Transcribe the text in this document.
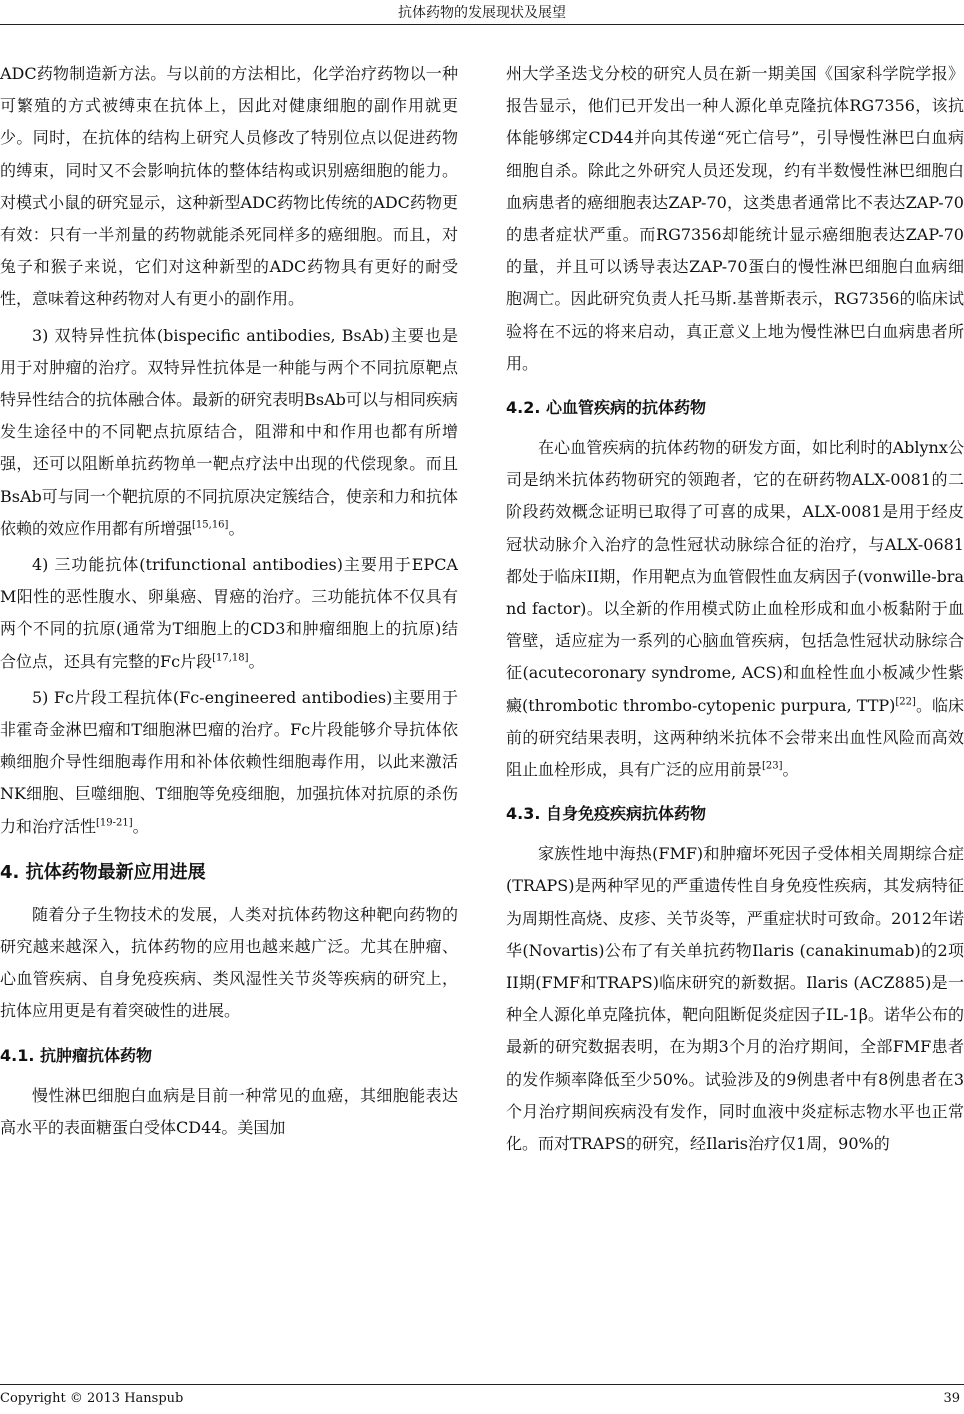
抗体药物的发展现状及展望

ADC药物制造新方法。与以前的方法相比，化学治疗药物以一种可繁殖的方式被缚束在抗体上，因此对健康细胞的副作用就更少。同时，在抗体的结构上研究人员修改了特别位点以促进药物的缚束，同时又不会影响抗体的整体结构或识别癌细胞的能力。对模式小鼠的研究显示，这种新型ADC药物比传统的ADC药物更有效：只有一半剂量的药物就能杀死同样多的癌细胞。而且，对兔子和猴子来说，它们对这种新型的ADC药物具有更好的耐受性，意味着这种药物对人有更小的副作用。

3) 双特异性抗体(bispecific antibodies, BsAb)主要也是用于对肿瘤的治疗。双特异性抗体是一种能与两个不同抗原靶点特异性结合的抗体融合体。最新的研究表明BsAb可以与相同疾病发生途径中的不同靶点抗原结合，阻滞和中和作用也都有所增强，还可以阻断单抗药物单一靶点疗法中出现的代偿现象。而且BsAb可与同一个靶抗原的不同抗原决定簇结合，使亲和力和抗体依赖的效应作用都有所增强[15,16]。

4) 三功能抗体(trifunctional antibodies)主要用于EPCAM阳性的恶性腹水、卵巢癌、胃癌的治疗。三功能抗体不仅具有两个不同的抗原(通常为T细胞上的CD3和肿瘤细胞上的抗原)结合位点，还具有完整的Fc片段[17,18]。

5) Fc片段工程抗体(Fc-engineered antibodies)主要用于非霍奇金淋巴瘤和T细胞淋巴瘤的治疗。Fc片段能够介导抗体依赖细胞介导性细胞毒作用和补体依赖性细胞毒作用，以此来激活NK细胞、巨噬细胞、T细胞等免疫细胞，加强抗体对抗原的杀伤力和治疗活性[19-21]。

4. 抗体药物最新应用进展

随着分子生物技术的发展，人类对抗体药物这种靶向药物的研究越来越深入，抗体药物的应用也越来越广泛。尤其在肿瘤、心血管疾病、自身免疫疾病、类风湿性关节炎等疾病的研究上，抗体应用更是有着突破性的进展。

4.1. 抗肿瘤抗体药物

慢性淋巴细胞白血病是目前一种常见的血癌，其细胞能表达高水平的表面糖蛋白受体CD44。美国加

州大学圣迭戈分校的研究人员在新一期美国《国家科学院学报》报告显示，他们已开发出一种人源化单克隆抗体RG7356，该抗体能够绑定CD44并向其传递“死亡信号”，引导慢性淋巴白血病细胞自杀。除此之外研究人员还发现，约有半数慢性淋巴细胞白血病患者的癌细胞表达ZAP-70，这类患者通常比不表达ZAP-70的患者症状严重。而RG7356却能统计显示癌细胞表达ZAP-70的量，并且可以诱导表达ZAP-70蛋白的慢性淋巴细胞白血病细胞凋亡。因此研究负责人托马斯.基普斯表示，RG7356的临床试验将在不远的将来启动，真正意义上地为慢性淋巴白血病患者所用。

4.2. 心血管疾病的抗体药物

在心血管疾病的抗体药物的研发方面，如比利时的Ablynx公司是纳米抗体药物研究的领跑者，它的在研药物ALX-0081的二阶段药效概念证明已取得了可喜的成果，ALX-0081是用于经皮冠状动脉介入治疗的急性冠状动脉综合征的治疗，与ALX-0681都处于临床II期，作用靶点为血管假性血友病因子(vonwille-brand factor)。以全新的作用模式防止血栓形成和血小板黏附于血管壁，适应症为一系列的心脑血管疾病，包括急性冠状动脉综合征(acutecoronary syndrome, ACS)和血栓性血小板减少性紫癜(thrombotic thrombo-cytopenic purpura, TTP)[22]。临床前的研究结果表明，这两种纳米抗体不会带来出血性风险而高效阻止血栓形成，具有广泛的应用前景[23]。

4.3. 自身免疫疾病抗体药物

家族性地中海热(FMF)和肿瘤坏死因子受体相关周期综合症(TRAPS)是两种罕见的严重遗传性自身免疫性疾病，其发病特征为周期性高烧、皮疹、关节炎等，严重症状时可致命。2012年诺华(Novartis)公布了有关单抗药物Ilaris (canakinumab)的2项II期(FMF和TRAPS)临床研究的新数据。Ilaris (ACZ885)是一种全人源化单克隆抗体，靶向阻断促炎症因子IL-1β。诺华公布的最新的研究数据表明，在为期3个月的治疗期间，全部FMF患者的发作频率降低至少50%。试验涉及的9例患者中有8例患者在3个月治疗期间疾病没有发作，同时血液中炎症标志物水平也正常化。而对TRAPS的研究，经Ilaris治疗仅1周，90%的

Copyright © 2013 Hanspub	39
